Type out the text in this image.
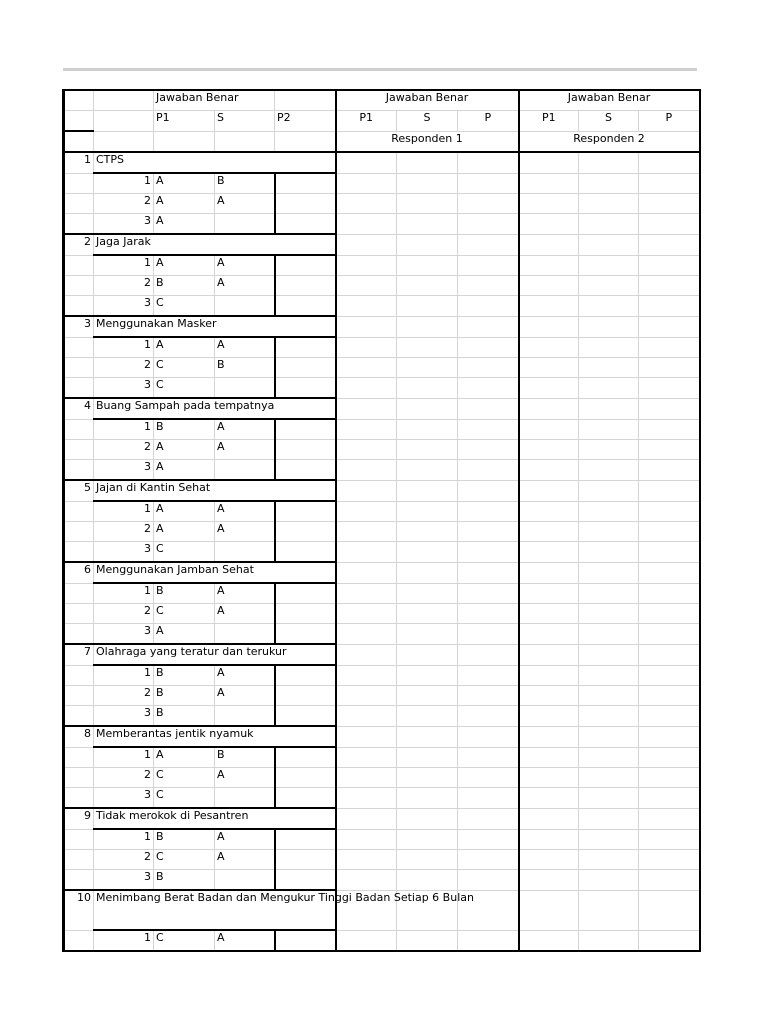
		Jawaban Benar			Jawaban Benar			Jawaban Benar		
		P1	S	P2	P1	S	P	P1	S	P
					Responden 1			Responden 2		
1	CTPS									
	1	A	B							
	2	A	A							
	3	A								
2	Jaga Jarak									
	1	A	A							
	2	B	A							
	3	C								
3	Menggunakan Masker									
	1	A	A							
	2	C	B							
	3	C								
4	Buang Sampah pada tempatnya									
	1	B	A							
	2	A	A							
	3	A								
5	Jajan di Kantin Sehat									
	1	A	A							
	2	A	A							
	3	C								
6	Menggunakan Jamban Sehat									
	1	B	A							
	2	C	A							
	3	A								
7	Olahraga yang teratur dan terukur									
	1	B	A							
	2	B	A							
	3	B								
8	Memberantas jentik nyamuk									
	1	A	B							
	2	C	A							
	3	C								
9	Tidak merokok di Pesantren									
	1	B	A							
	2	C	A							
	3	B								
10	Menimbang Berat Badan dan Mengukur Tinggi Badan Setiap 6 Bulan									
	1	C	A							
